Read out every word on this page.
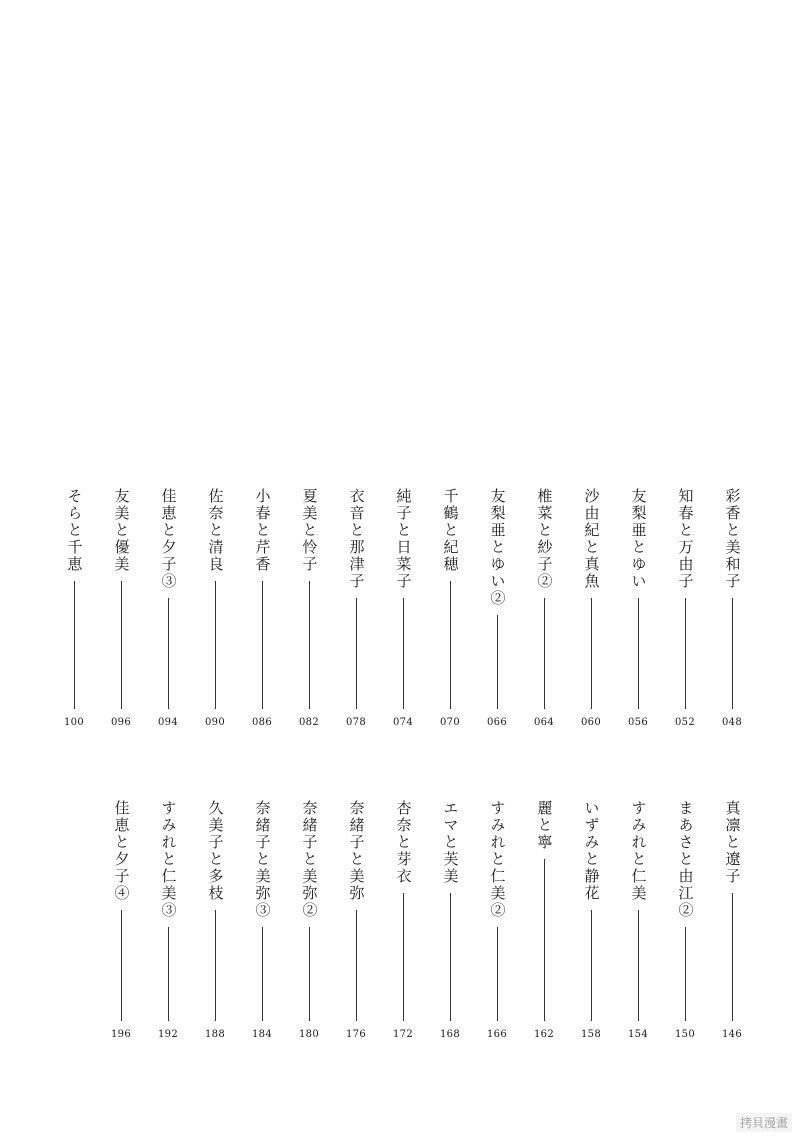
彩香と美和子
048
知春と万由子
052
友梨亜とゆい
056
沙由紀と真魚
060
椎菜と紗子②
064
友梨亜とゆい②
066
千鶴と紀穂
070
純子と日菜子
074
衣音と那津子
078
夏美と怜子
082
小春と芹香
086
佐奈と清良
090
佳恵と夕子③
094
友美と優美
096
そらと千恵
100
真凛と遼子
146
まあさと由江②
150
すみれと仁美
154
いずみと静花
158
麗と寧
162
すみれと仁美②
166
エマと芙美
168
杏奈と芽衣
172
奈緒子と美弥
176
奈緒子と美弥②
180
奈緒子と美弥③
184
久美子と多枝
188
すみれと仁美③
192
佳恵と夕子④
196
拷貝漫畫
